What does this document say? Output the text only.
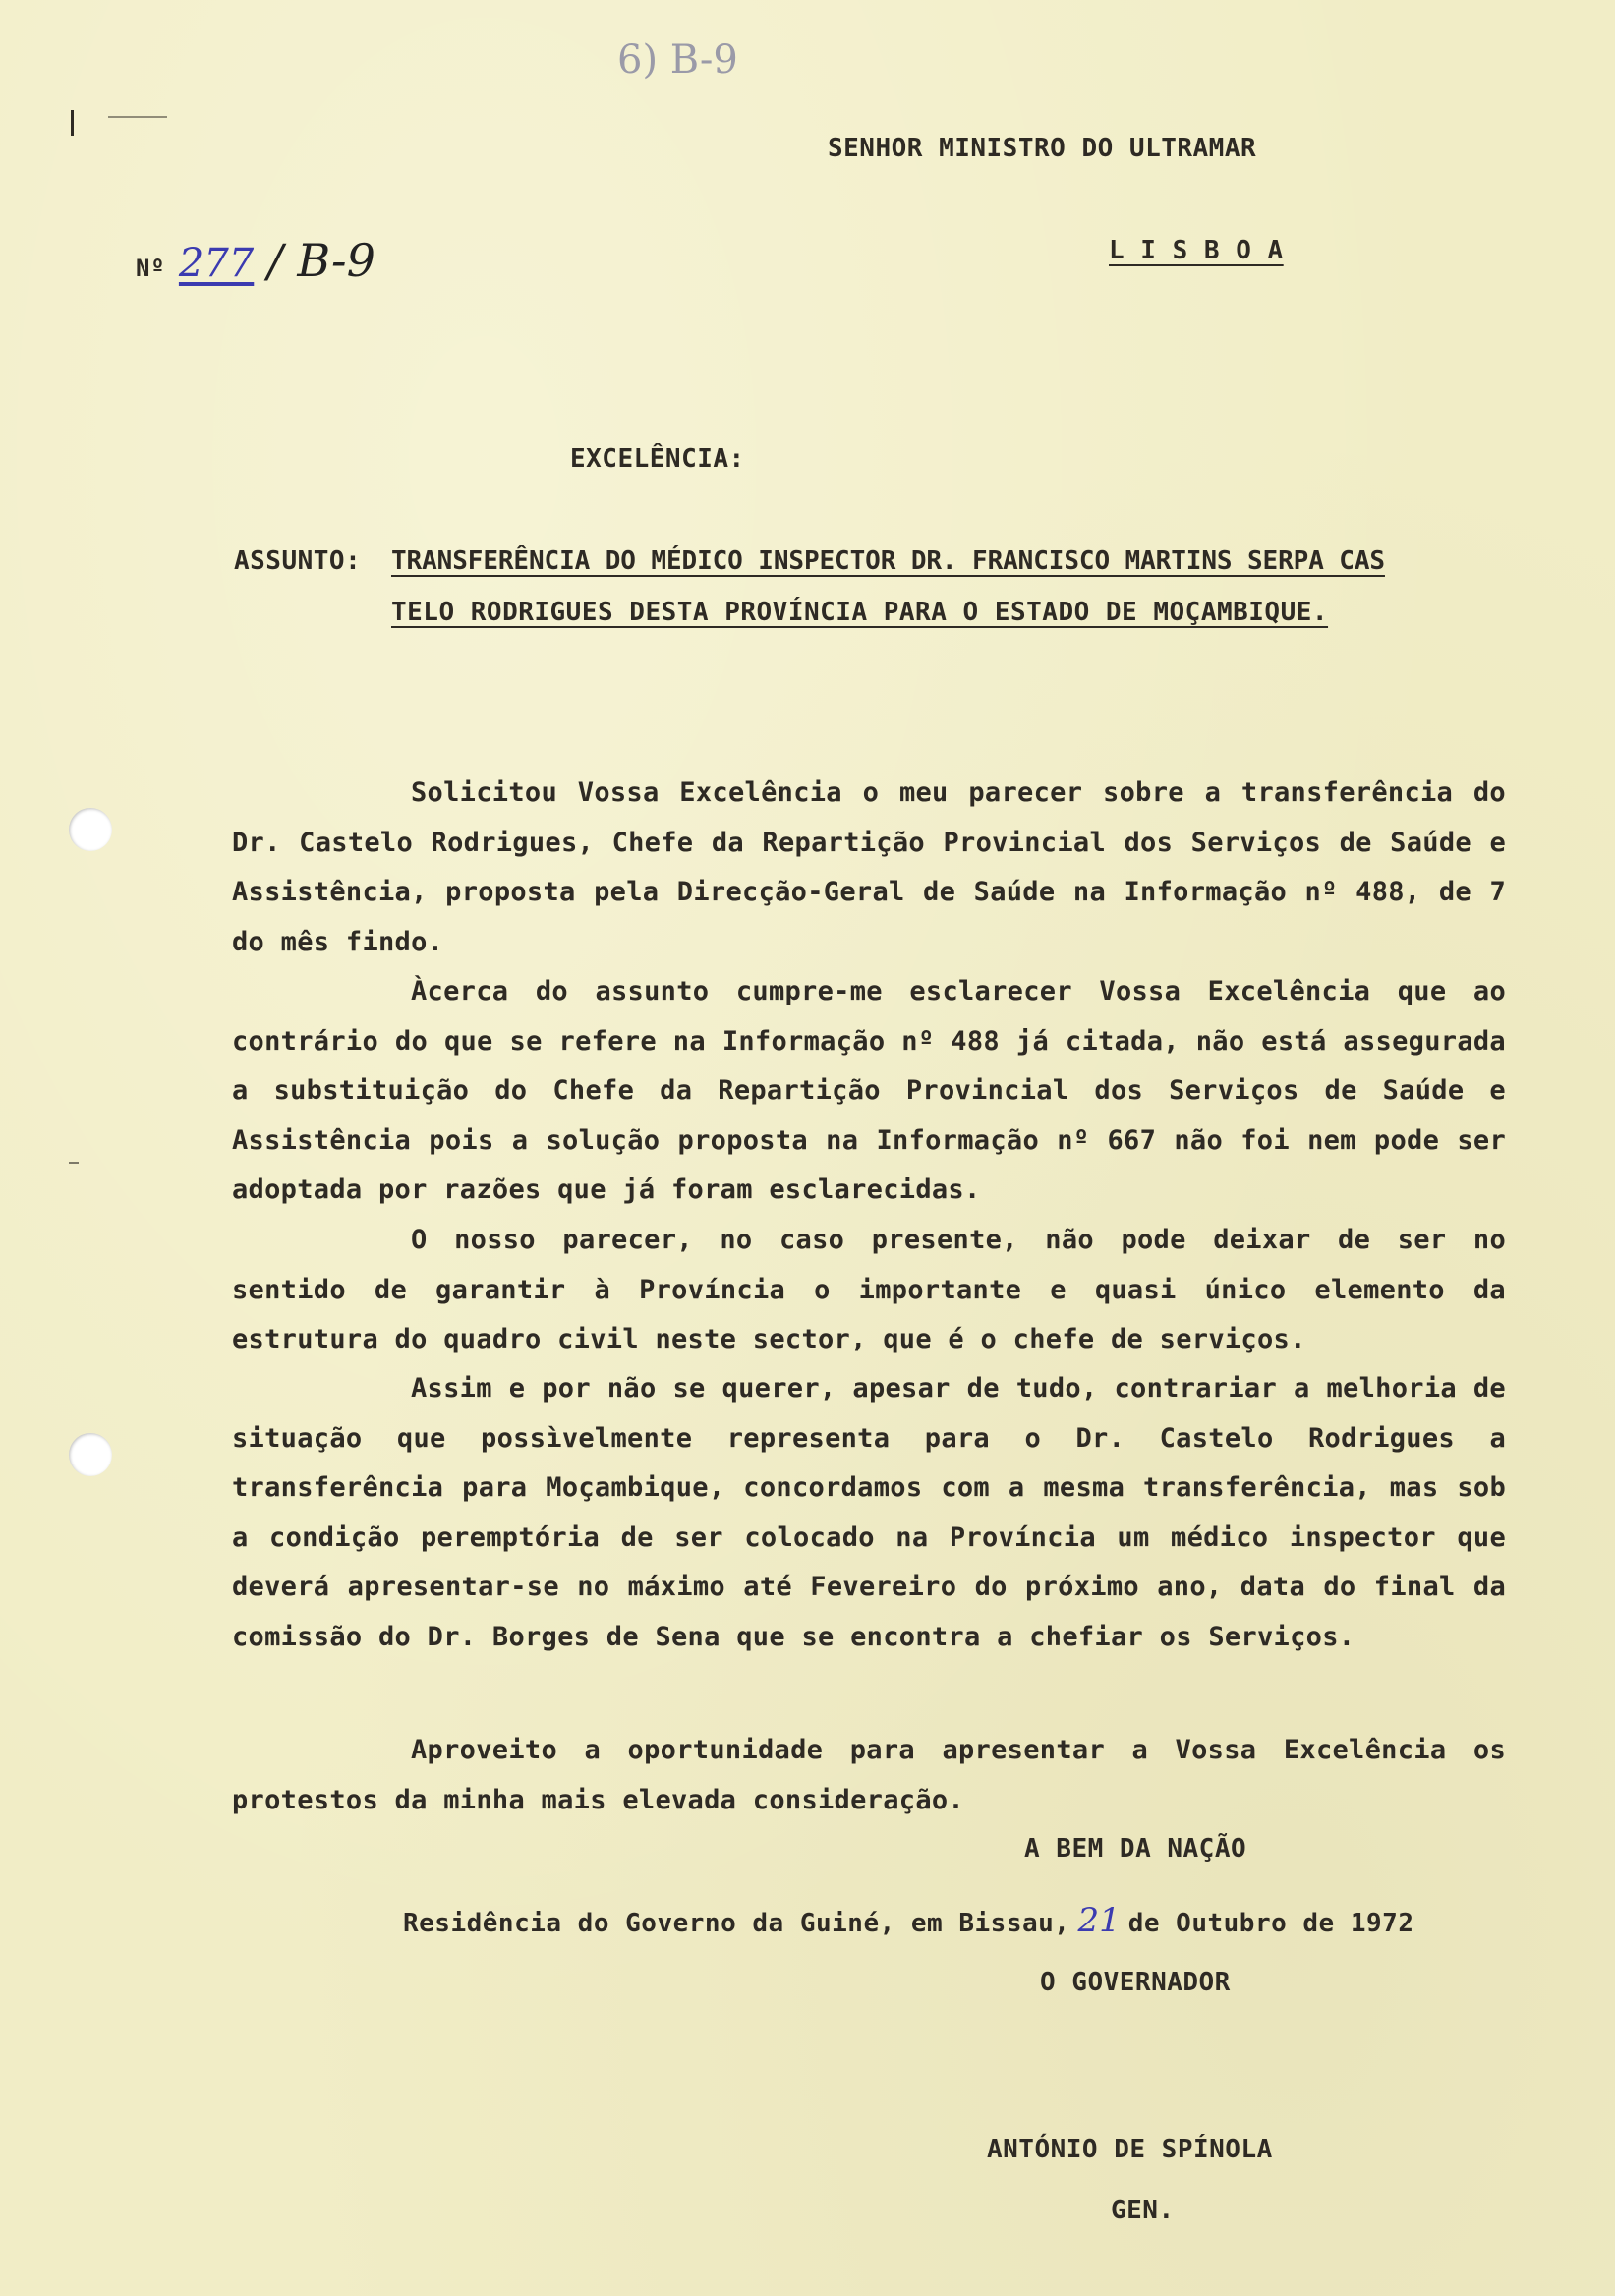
6) B-9
SENHOR MINISTRO DO ULTRAMAR
L I S B O A
Nº 277 / B-9
EXCELÊNCIA:
ASSUNTO: TRANSFERÊNCIA DO MÉDICO INSPECTOR DR. FRANCISCO MARTINS SERPA CAS
TELO RODRIGUES DESTA PROVÍNCIA PARA O ESTADO DE MOÇAMBIQUE.
Solicitou Vossa Excelência o meu parecer sobre a transferência do Dr. Castelo Rodrigues, Chefe da Repartição Provincial dos Serviços de Saúde e Assistência, proposta pela Direcção-Geral de Saúde na Informação nº 488, de 7 do mês findo.
Àcerca do assunto cumpre-me esclarecer Vossa Excelência que ao contrário do que se refere na Informação nº 488 já citada, não está assegurada a substituição do Chefe da Repartição Provincial dos Serviços de Saúde e Assistência pois a solução proposta na Informação nº 667 não foi nem pode ser adoptada por razões que já foram esclarecidas.
O nosso parecer, no caso presente, não pode deixar de ser no sentido de garantir à Província o importante e quasi único elemento da estrutura do quadro civil neste sector, que é o chefe de serviços.
Assim e por não se querer, apesar de tudo, contrariar a melhoria de situação que possìvelmente representa para o Dr. Castelo Rodrigues a transferência para Moçambique, concordamos com a mesma transferência, mas sob a condição peremptória de ser colocado na Província um médico inspector que deverá apresentar-se no máximo até Fevereiro do próximo ano, data do final da comissão do Dr. Borges de Sena que se encontra a chefiar os Serviços.
Aproveito a oportunidade para apresentar a Vossa Excelência os protestos da minha mais elevada consideração.
A BEM DA NAÇÃO
Residência do Governo da Guiné, em Bissau, 21 de Outubro de 1972
O GOVERNADOR
ANTÓNIO DE SPÍNOLA
GEN.
